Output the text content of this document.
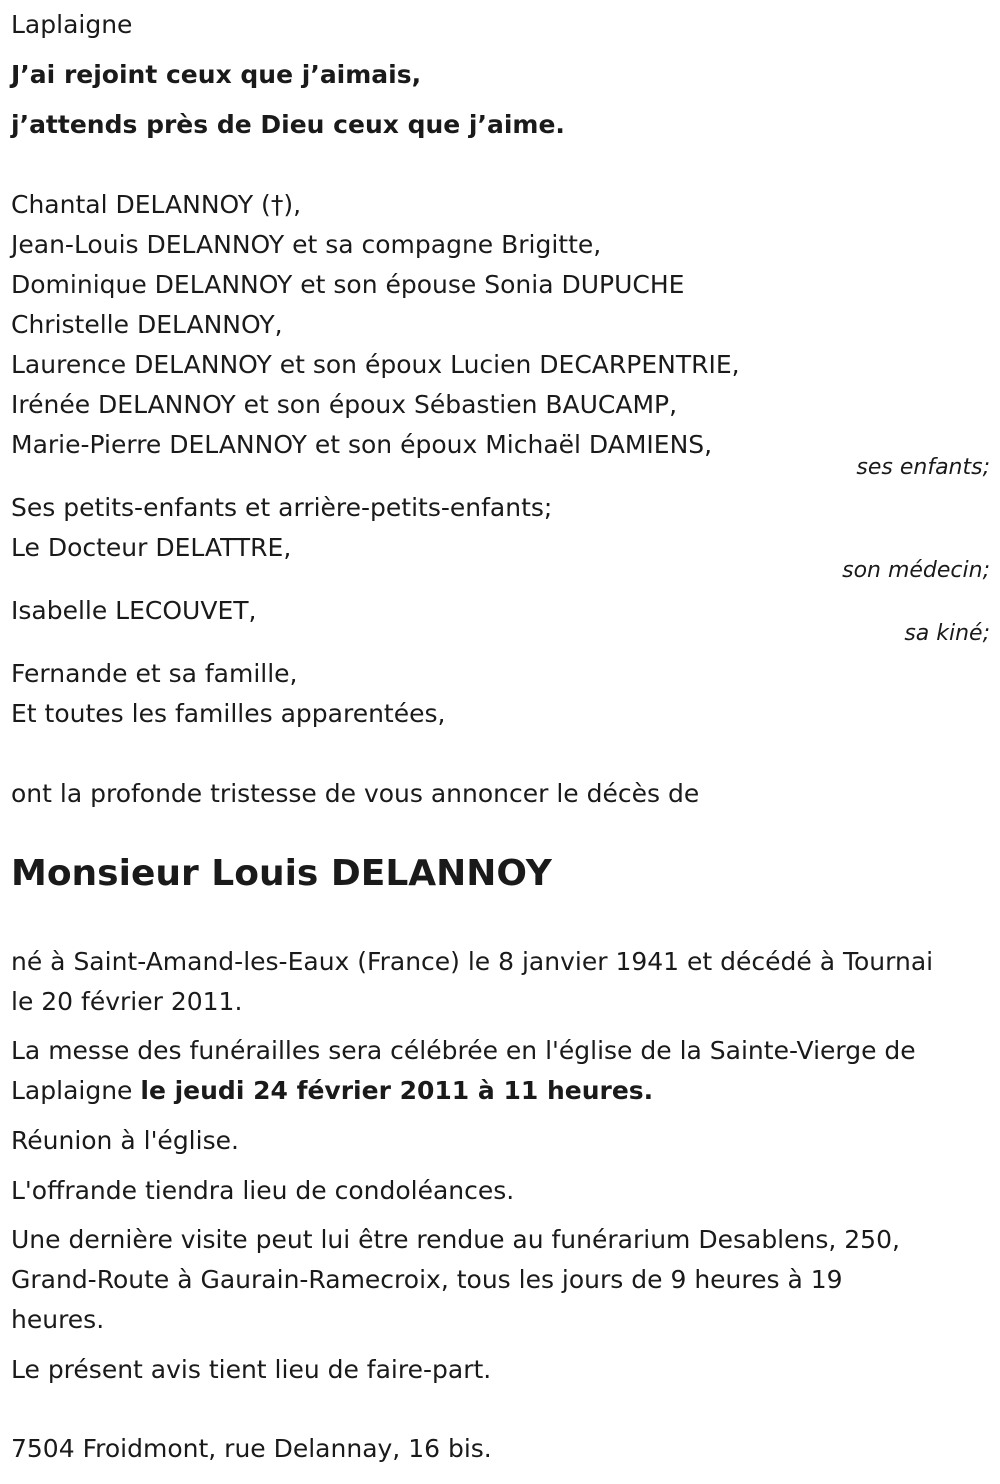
Laplaigne

J’ai rejoint ceux que j’aimais,

j’attends près de Dieu ceux que j’aime.

Chantal DELANNOY (†),

Jean-Louis DELANNOY et sa compagne Brigitte,

Dominique DELANNOY et son épouse Sonia DUPUCHE

Christelle DELANNOY,

Laurence DELANNOY et son époux Lucien DECARPENTRIE,

Irénée DELANNOY et son époux Sébastien BAUCAMP,

Marie-Pierre DELANNOY et son époux Michaël DAMIENS,

ses enfants;

Ses petits-enfants et arrière-petits-enfants;

Le Docteur DELATTRE,

son médecin;

Isabelle LECOUVET,

sa kiné;

Fernande et sa famille,

Et toutes les familles apparentées,

ont la profonde tristesse de vous annoncer le décès de

Monsieur Louis DELANNOY

né à Saint-Amand-les-Eaux (France) le 8 janvier 1941 et décédé à Tournai

le 20 février 2011.

La messe des funérailles sera célébrée en l'église de la Sainte-Vierge de

Laplaigne le jeudi 24 février 2011 à 11 heures.

Réunion à l'église.

L'offrande tiendra lieu de condoléances.

Une dernière visite peut lui être rendue au funérarium Desablens, 250,

Grand-Route à Gaurain-Ramecroix, tous les jours de 9 heures à 19

heures.

Le présent avis tient lieu de faire-part.

7504 Froidmont, rue Delannay, 16 bis.
